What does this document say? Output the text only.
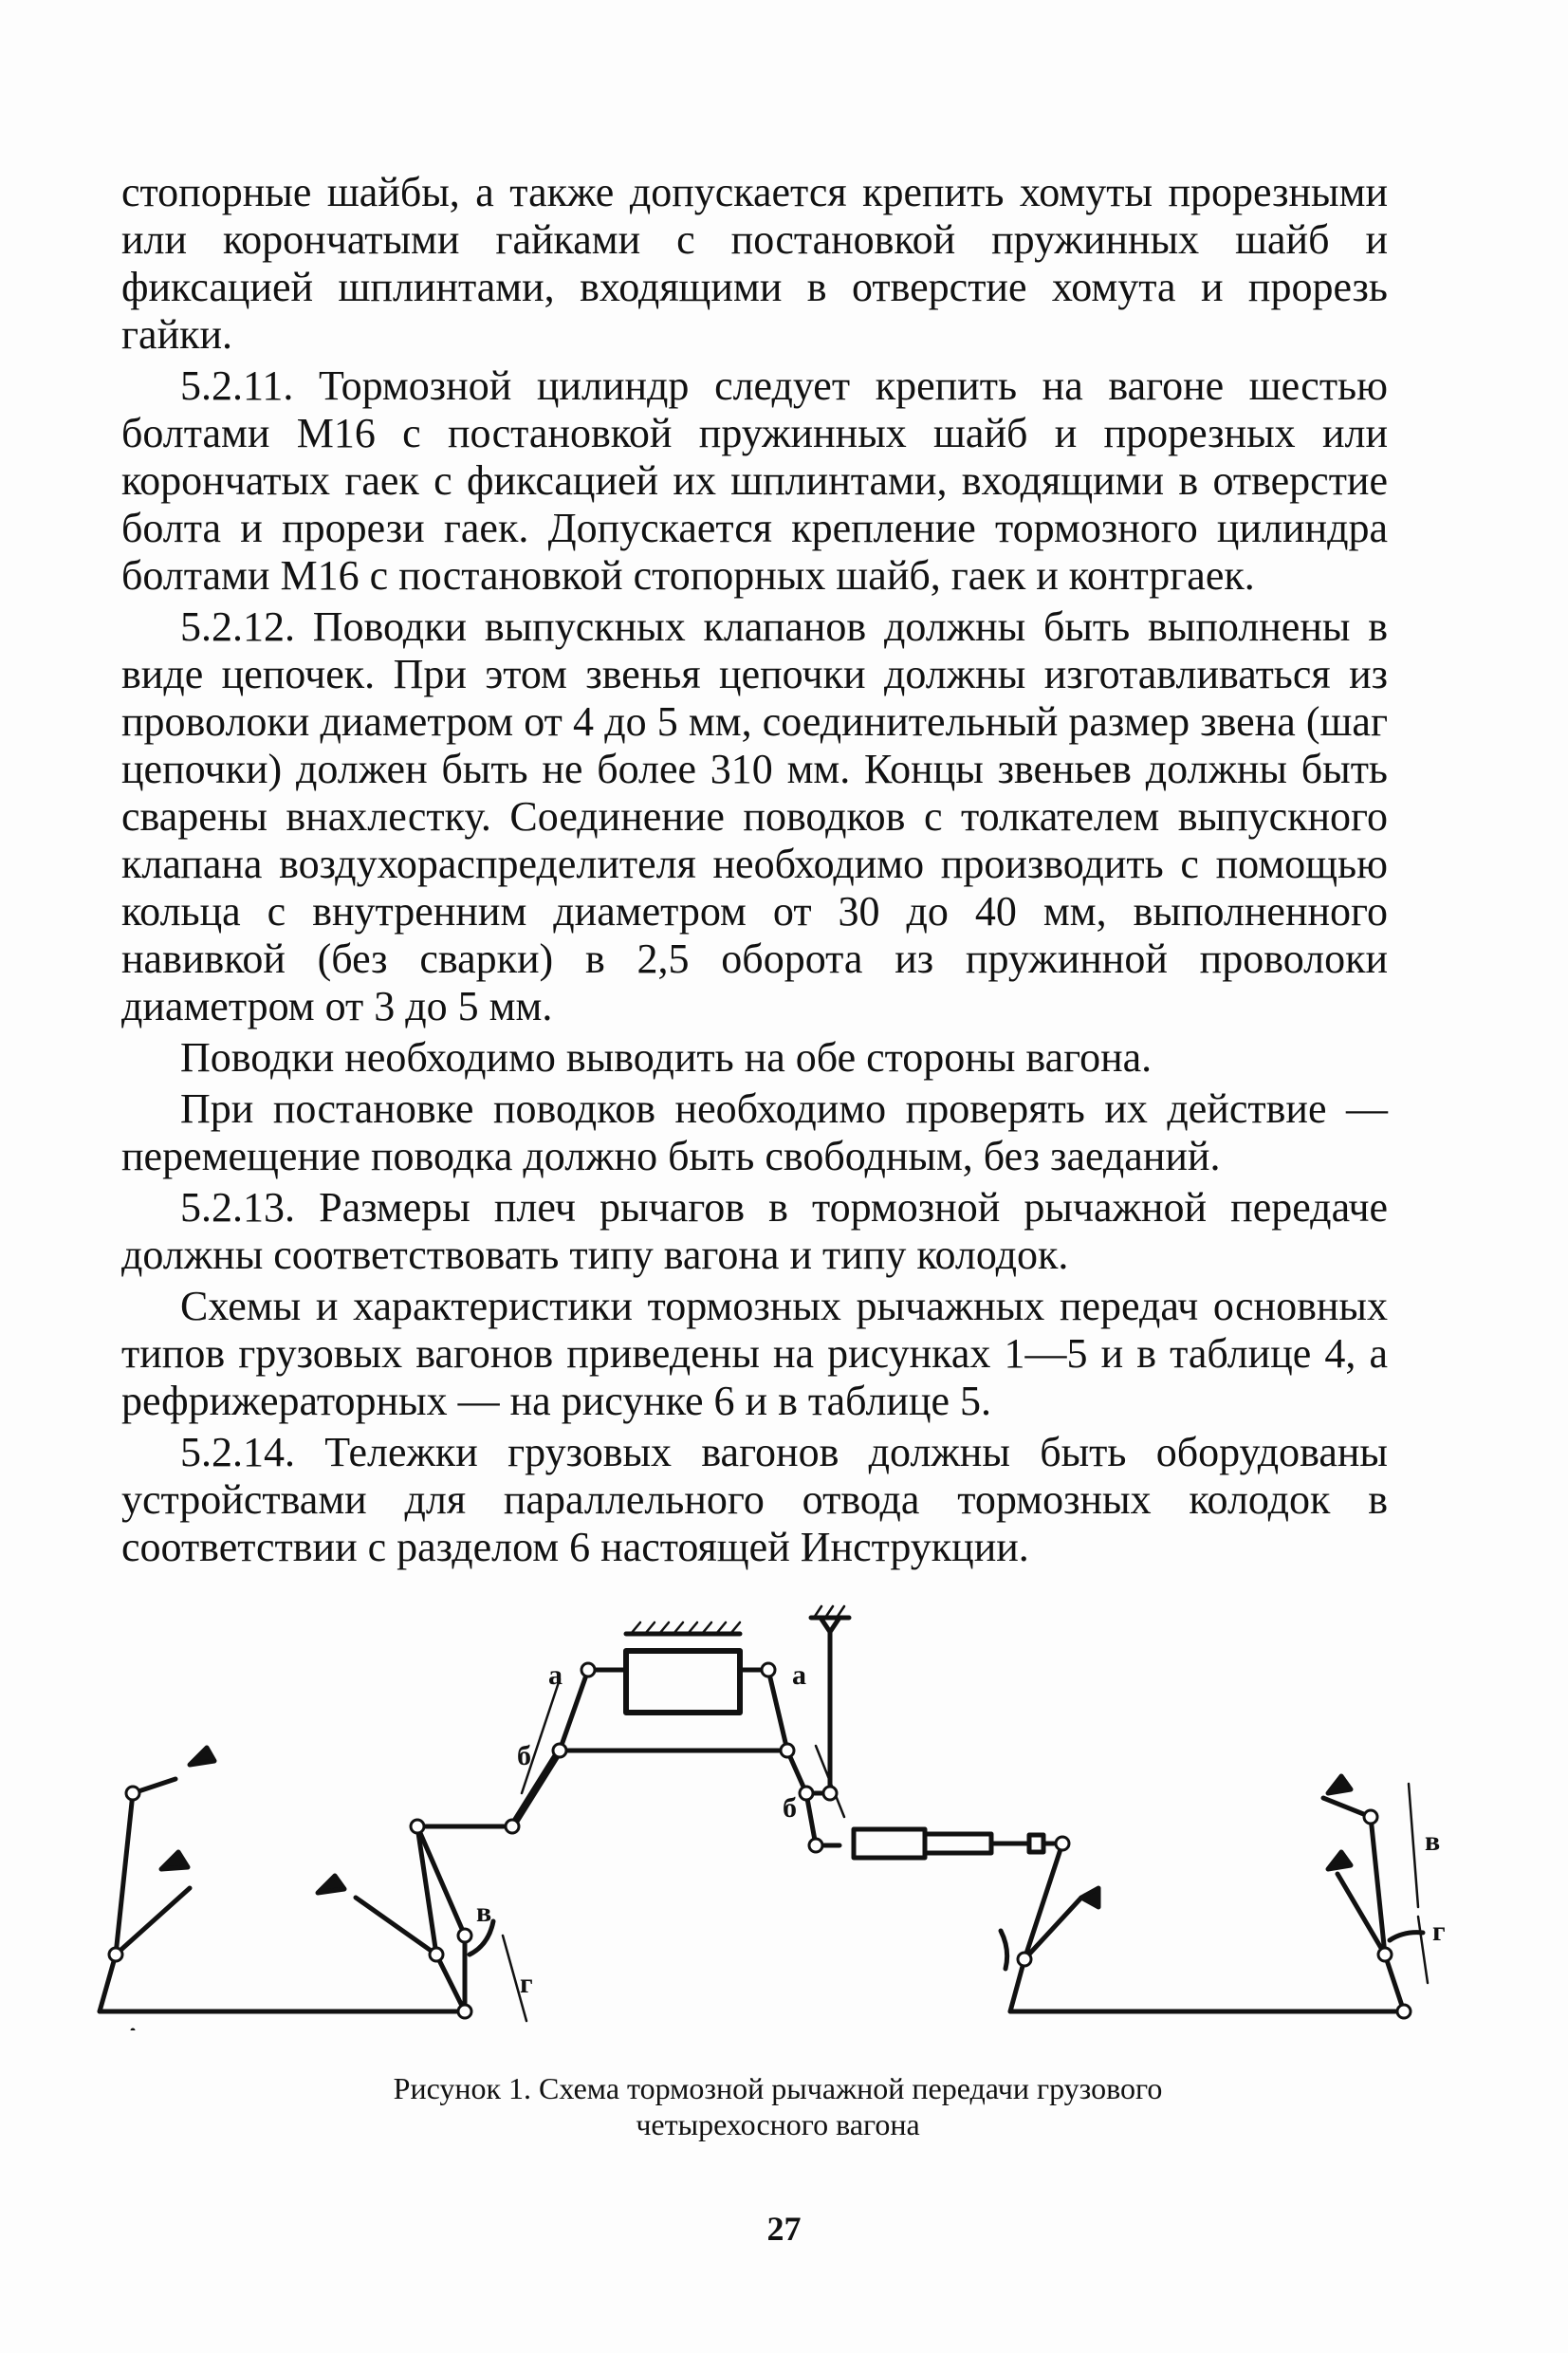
стопорные шайбы, а также допускается крепить хомуты прорезными или корончатыми гайками с постановкой пружинных шайб и фиксацией шплинтами, входящими в отверстие хомута и прорезь гайки.

5.2.11. Тормозной цилиндр следует крепить на вагоне шестью болтами М16 с постановкой пружинных шайб и прорезных или корончатых гаек с фиксацией их шплинтами, входящими в отверстие болта и прорези гаек. Допускается крепление тормозного цилиндра болтами М16 с постановкой стопорных шайб, гаек и контргаек.

5.2.12. Поводки выпускных клапанов должны быть выполнены в виде цепочек. При этом звенья цепочки должны изготавливаться из проволоки диаметром от 4 до 5 мм, соединительный размер звена (шаг цепочки) должен быть не более 310 мм. Концы звеньев должны быть сварены внахлестку. Соединение поводков с толкателем выпускного клапана воздухораспределителя необходимо производить с помощью кольца с внутренним диаметром от 30 до 40 мм, выполненного навивкой (без сварки) в 2,5 оборота из пружинной проволоки диаметром от 3 до 5 мм.

Поводки необходимо выводить на обе стороны вагона.

При постановке поводков необходимо проверять их действие — перемещение поводка должно быть свободным, без заеданий.

5.2.13. Размеры плеч рычагов в тормозной рычажной передаче должны соответствовать типу вагона и типу колодок.

Схемы и характеристики тормозных рычажных передач основных типов грузовых вагонов приведены на рисунках 1—5 и в таблице 4, а рефрижераторных — на рисунке 6 и в таблице 5.

5.2.14. Тележки грузовых вагонов должны быть оборудованы устройствами для параллельного отвода тормозных колодок в соответствии с разделом 6 настоящей Инструкции.

а	а
б
б
в
г
в
г
Рисунок 1. Схема тормозной рычажной передачи грузового
четырехосного вагона
27
